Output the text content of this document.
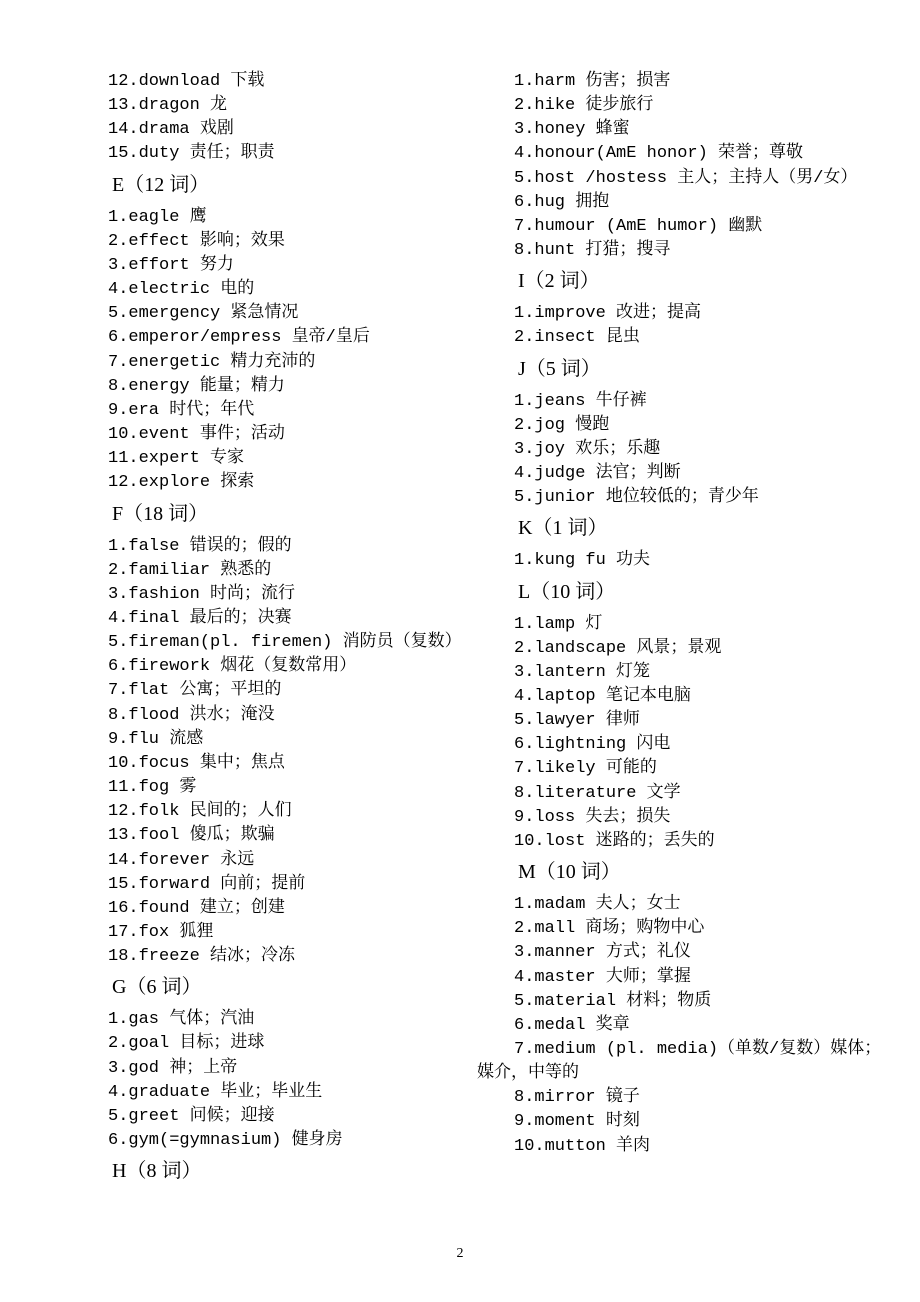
12.download 下载
13.dragon 龙
14.drama 戏剧
15.duty 责任；职责
E（12 词）
1.eagle 鹰
2.effect 影响；效果
3.effort 努力
4.electric 电的
5.emergency 紧急情况
6.emperor/empress 皇帝/皇后
7.energetic 精力充沛的
8.energy 能量；精力
9.era 时代；年代
10.event 事件；活动
11.expert 专家
12.explore 探索
F（18 词）
1.false 错误的；假的
2.familiar 熟悉的
3.fashion 时尚；流行
4.final 最后的；决赛
5.fireman(pl. firemen) 消防员（复数）
6.firework 烟花（复数常用）
7.flat 公寓；平坦的
8.flood 洪水；淹没
9.flu 流感
10.focus 集中；焦点
11.fog 雾
12.folk 民间的；人们
13.fool 傻瓜；欺骗
14.forever 永远
15.forward 向前；提前
16.found 建立；创建
17.fox 狐狸
18.freeze 结冰；冷冻
G（6 词）
1.gas 气体；汽油
2.goal 目标；进球
3.god 神；上帝
4.graduate 毕业；毕业生
5.greet 问候；迎接
6.gym(=gymnasium) 健身房
H（8 词）
1.harm 伤害；损害
2.hike 徒步旅行
3.honey 蜂蜜
4.honour(AmE honor) 荣誉；尊敬
5.host /hostess 主人；主持人（男/女）
6.hug 拥抱
7.humour (AmE humor) 幽默
8.hunt 打猎；搜寻
I（2 词）
1.improve 改进；提高
2.insect 昆虫
J（5 词）
1.jeans 牛仔裤
2.jog 慢跑
3.joy 欢乐；乐趣
4.judge 法官；判断
5.junior 地位较低的；青少年
K（1 词）
1.kung fu 功夫
L（10 词）
1.lamp 灯
2.landscape 风景；景观
3.lantern 灯笼
4.laptop 笔记本电脑
5.lawyer 律师
6.lightning 闪电
7.likely 可能的
8.literature 文学
9.loss 失去；损失
10.lost 迷路的；丢失的
M（10 词）
1.madam 夫人；女士
2.mall 商场；购物中心
3.manner 方式；礼仪
4.master 大师；掌握
5.material 材料；物质
6.medal 奖章
7.medium (pl. media)（单数/复数）媒体；
媒介，中等的
8.mirror 镜子
9.moment 时刻
10.mutton 羊肉
2
